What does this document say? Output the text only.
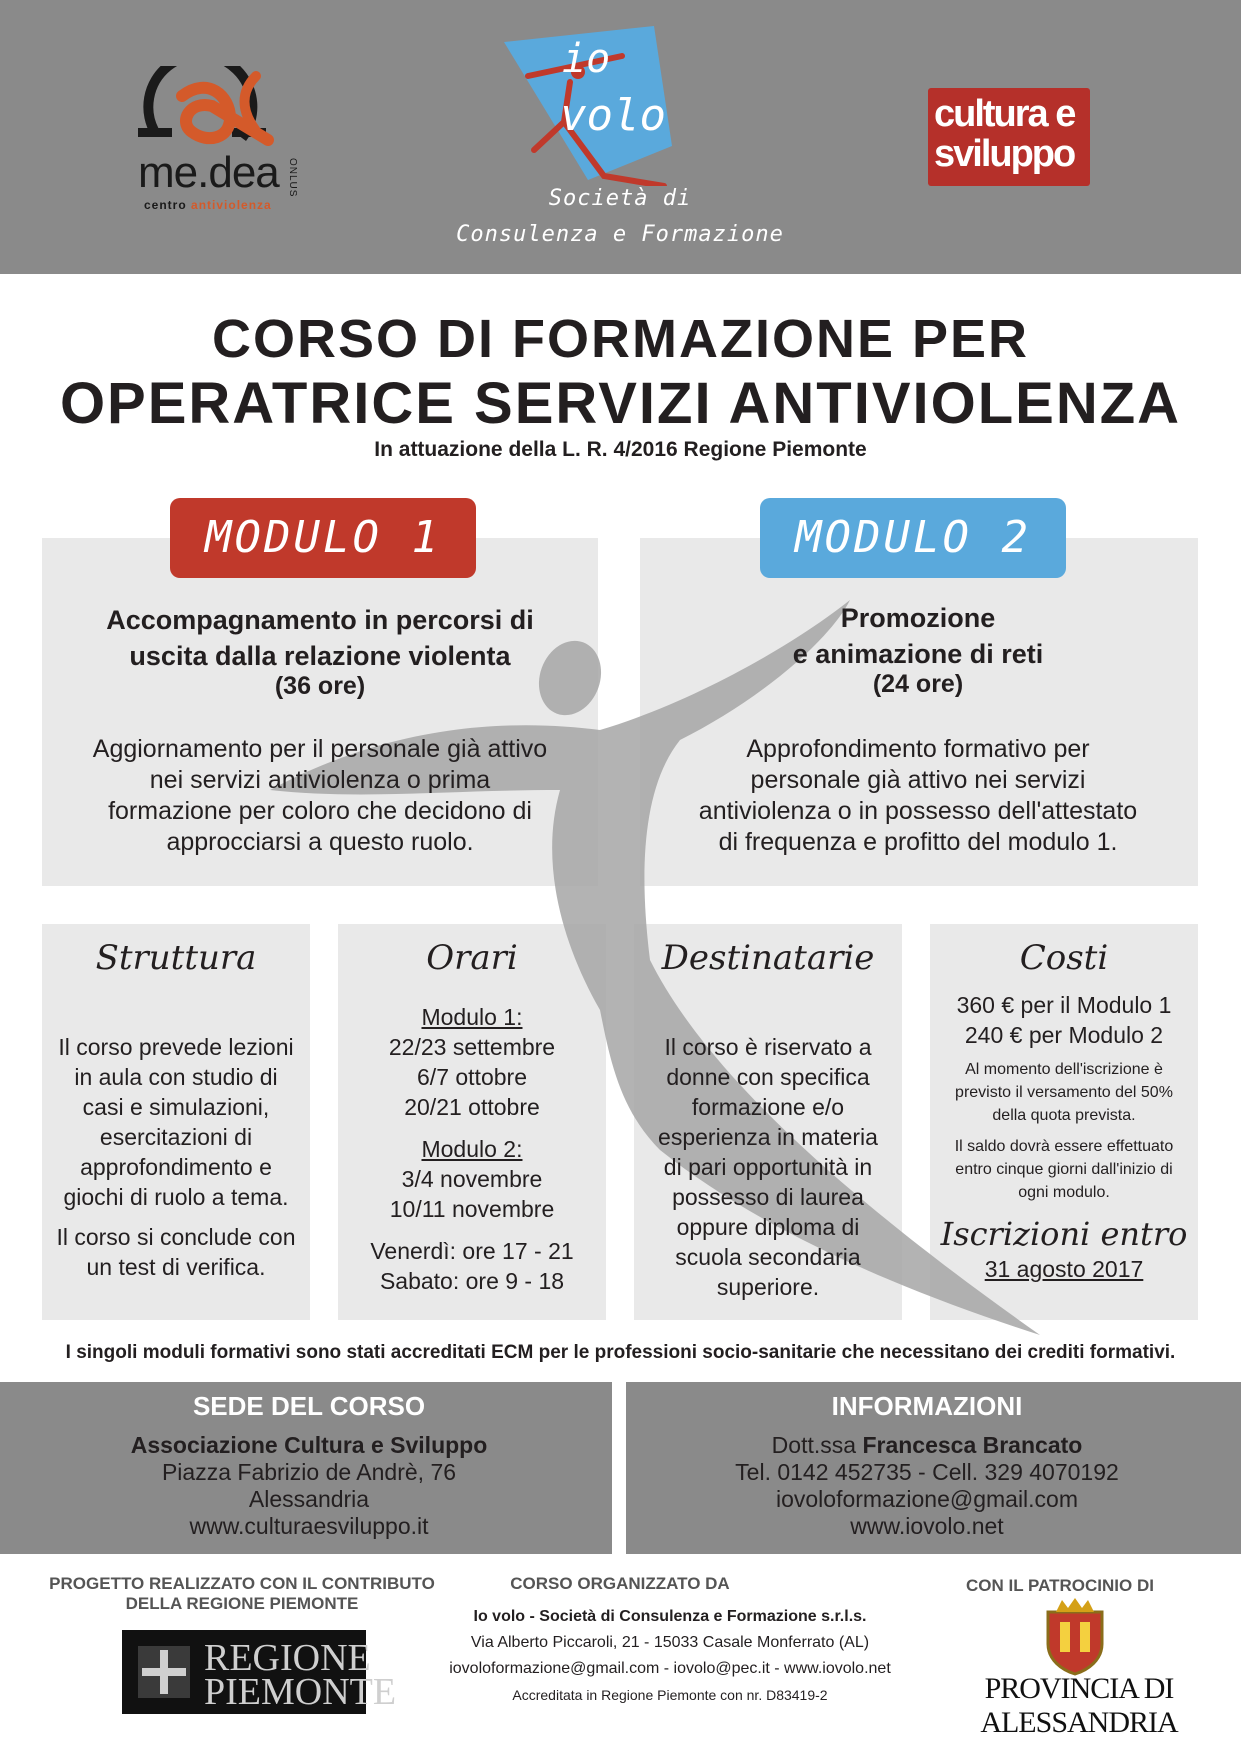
me.dea ONLUS
centro antiviolenza
io
volo
Società di
Consulenza e Formazione
cultura e
sviluppo
CORSO DI FORMAZIONE PER
OPERATRICE SERVIZI ANTIVIOLENZA
In attuazione della L. R. 4/2016 Regione Piemonte
MODULO 1	MODULO 2
Accompagnamento in percorsi di
uscita dalla relazione violenta
(36 ore)
Aggiornamento per il personale già attivo
nei servizi antiviolenza o prima
formazione per coloro che decidono di
approcciarsi a questo ruolo.
Promozione
e animazione di reti
(24 ore)
Approfondimento formativo per
personale già attivo nei servizi
antiviolenza o in possesso dell'attestato
di frequenza e profitto del modulo 1.
Struttura
Il corso prevede lezioni
in aula con studio di
casi e simulazioni,
esercitazioni di
approfondimento e
giochi di ruolo a tema.
Il corso si conclude con
un test di verifica.
Orari
Modulo 1:
22/23 settembre
6/7 ottobre
20/21 ottobre
Modulo 2:
3/4 novembre
10/11 novembre
Venerdì: ore 17 - 21
Sabato: ore 9 - 18
Destinatarie
Il corso è riservato a
donne con specifica
formazione e/o
esperienza in materia
di pari opportunità in
possesso di laurea
oppure diploma di
scuola secondaria
superiore.
Costi
360 € per il Modulo 1
240 € per Modulo 2
Al momento dell'iscrizione è
previsto il versamento del 50%
della quota prevista.
Il saldo dovrà essere effettuato
entro cinque giorni dall'inizio di
ogni modulo.
Iscrizioni entro
31 agosto 2017
I singoli moduli formativi sono stati accreditati ECM per le professioni socio-sanitarie che necessitano dei crediti formativi.
SEDE DEL CORSO
Associazione Cultura e Sviluppo
Piazza Fabrizio de Andrè, 76
Alessandria
www.culturaesviluppo.it
INFORMAZIONI
Dott.ssa Francesca Brancato
Tel. 0142 452735 - Cell. 329 4070192
iovoloformazione@gmail.com
www.iovolo.net
PROGETTO REALIZZATO CON IL CONTRIBUTO
DELLA REGIONE PIEMONTE
REGIONE
PIEMONTE
CORSO ORGANIZZATO DA
Io volo - Società di Consulenza e Formazione s.r.l.s.
Via Alberto Piccaroli, 21 - 15033 Casale Monferrato (AL)
iovoloformazione@gmail.com - iovolo@pec.it - www.iovolo.net
Accreditata in Regione Piemonte con nr. D83419-2
CON IL PATROCINIO DI
PROVINCIA DI ALESSANDRIA
